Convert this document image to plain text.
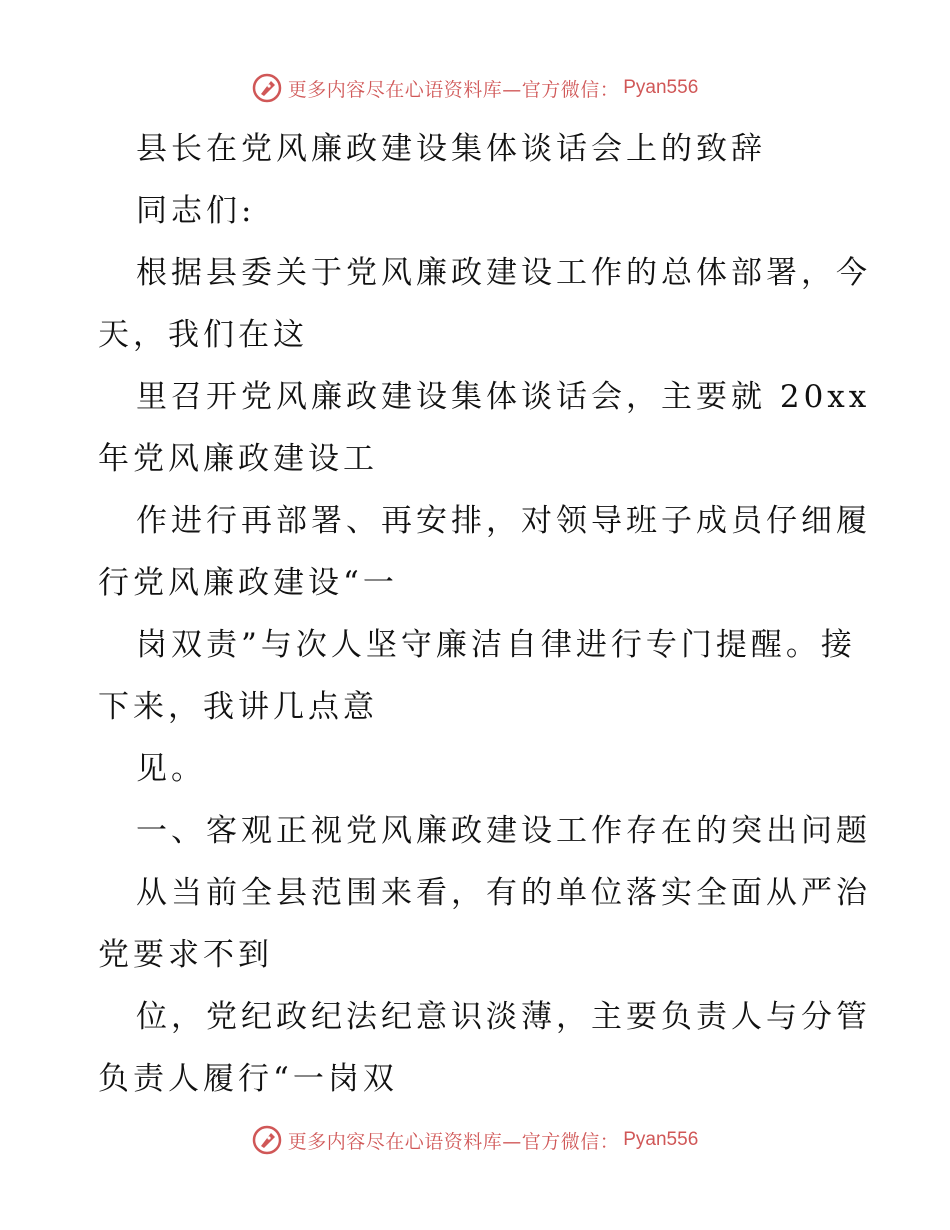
更多内容尽在心语资料库—官方微信： Pyan556
县长在党风廉政建设集体谈话会上的致辞
同志们:
根据县委关于党风廉政建设工作的总体部署，今
天，我们在这
里召开党风廉政建设集体谈话会，主要就 20xx
年党风廉政建设工
作进行再部署、再安排，对领导班子成员仔细履
行党风廉政建设“一
岗双责”与次人坚守廉洁自律进行专门提醒。接
下来，我讲几点意
见。
一、客观正视党风廉政建设工作存在的突出问题
从当前全县范围来看，有的单位落实全面从严治
党要求不到
位，党纪政纪法纪意识淡薄，主要负责人与分管
负责人履行“一岗双
更多内容尽在心语资料库—官方微信： Pyan556
